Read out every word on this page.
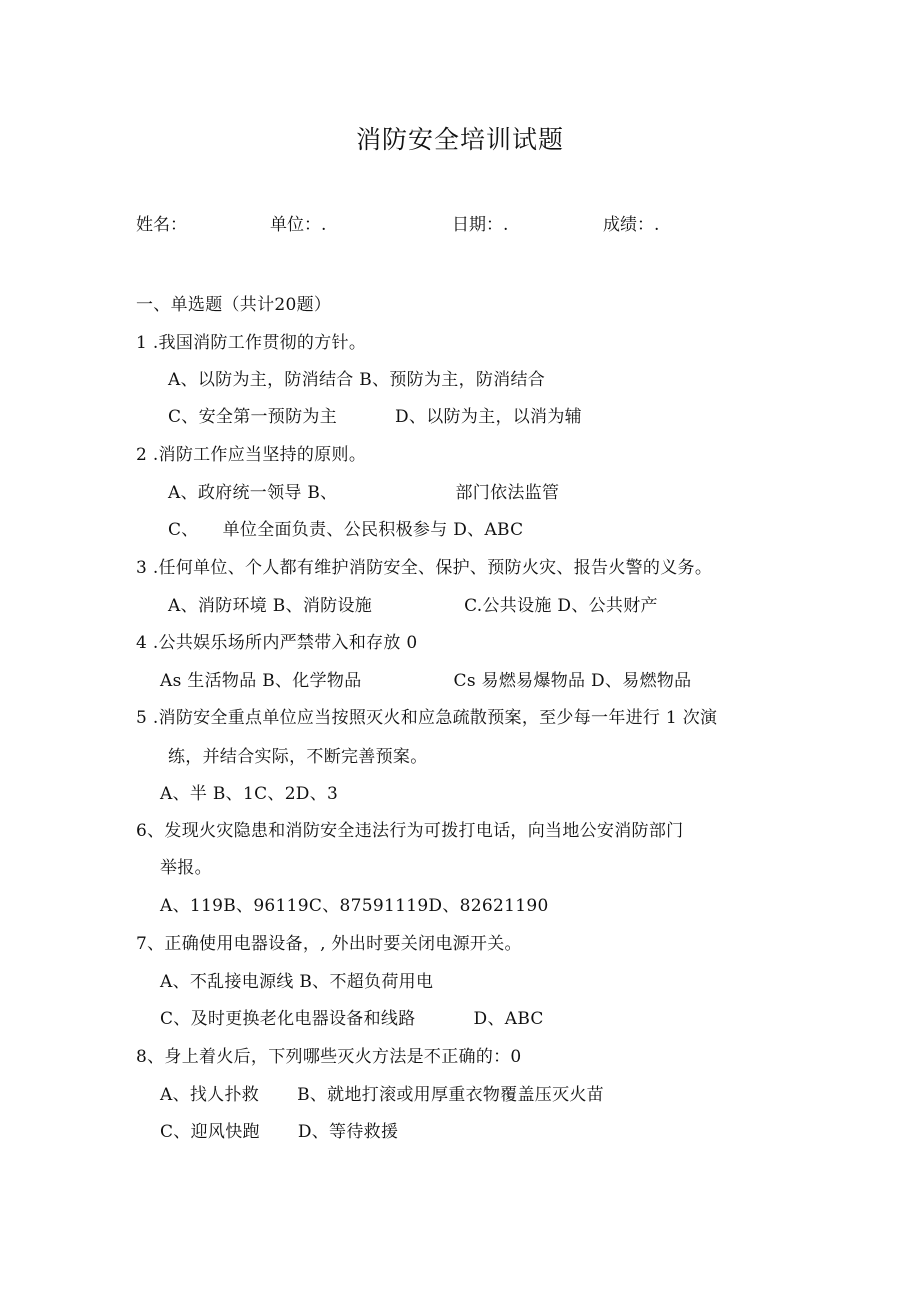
消防安全培训试题
姓名：	单位：.	日期：.	成绩：.
一、单选题（共计20题）
1 .我国消防工作贯彻的方针。
A、以防为主，防消结合 B、预防为主，防消结合
C、安全第一预防为主	D、以防为主，以消为辅
2 .消防工作应当坚持的原则。
A、政府统一领导 B、	部门依法监管
C、 单位全面负责、公民积极参与 D、ABC
3 .任何单位、个人都有维护消防安全、保护、预防火灾、报告火警的义务。
A、消防环境 B、消防设施	C.公共设施 D、公共财产
4 .公共娱乐场所内严禁带入和存放 0
As 生活物品 B、化学物品	Cs 易燃易爆物品 D、易燃物品
5 .消防安全重点单位应当按照灭火和应急疏散预案，至少每一年进行 1 次演
练，并结合实际，不断完善预案。
A、半 B、1C、2D、3
6、发现火灾隐患和消防安全违法行为可拨打电话，向当地公安消防部门
举报。
A、119B、96119C、87591119D、82621190
7、正确使用电器设备，, 外出时要关闭电源开关。
A、不乱接电源线 B、不超负荷用电
C、及时更换老化电器设备和线路	D、ABC
8、身上着火后，下列哪些灭火方法是不正确的：0
A、找人扑救 B、就地打滚或用厚重衣物覆盖压灭火苗
C、迎风快跑 D、等待救援
